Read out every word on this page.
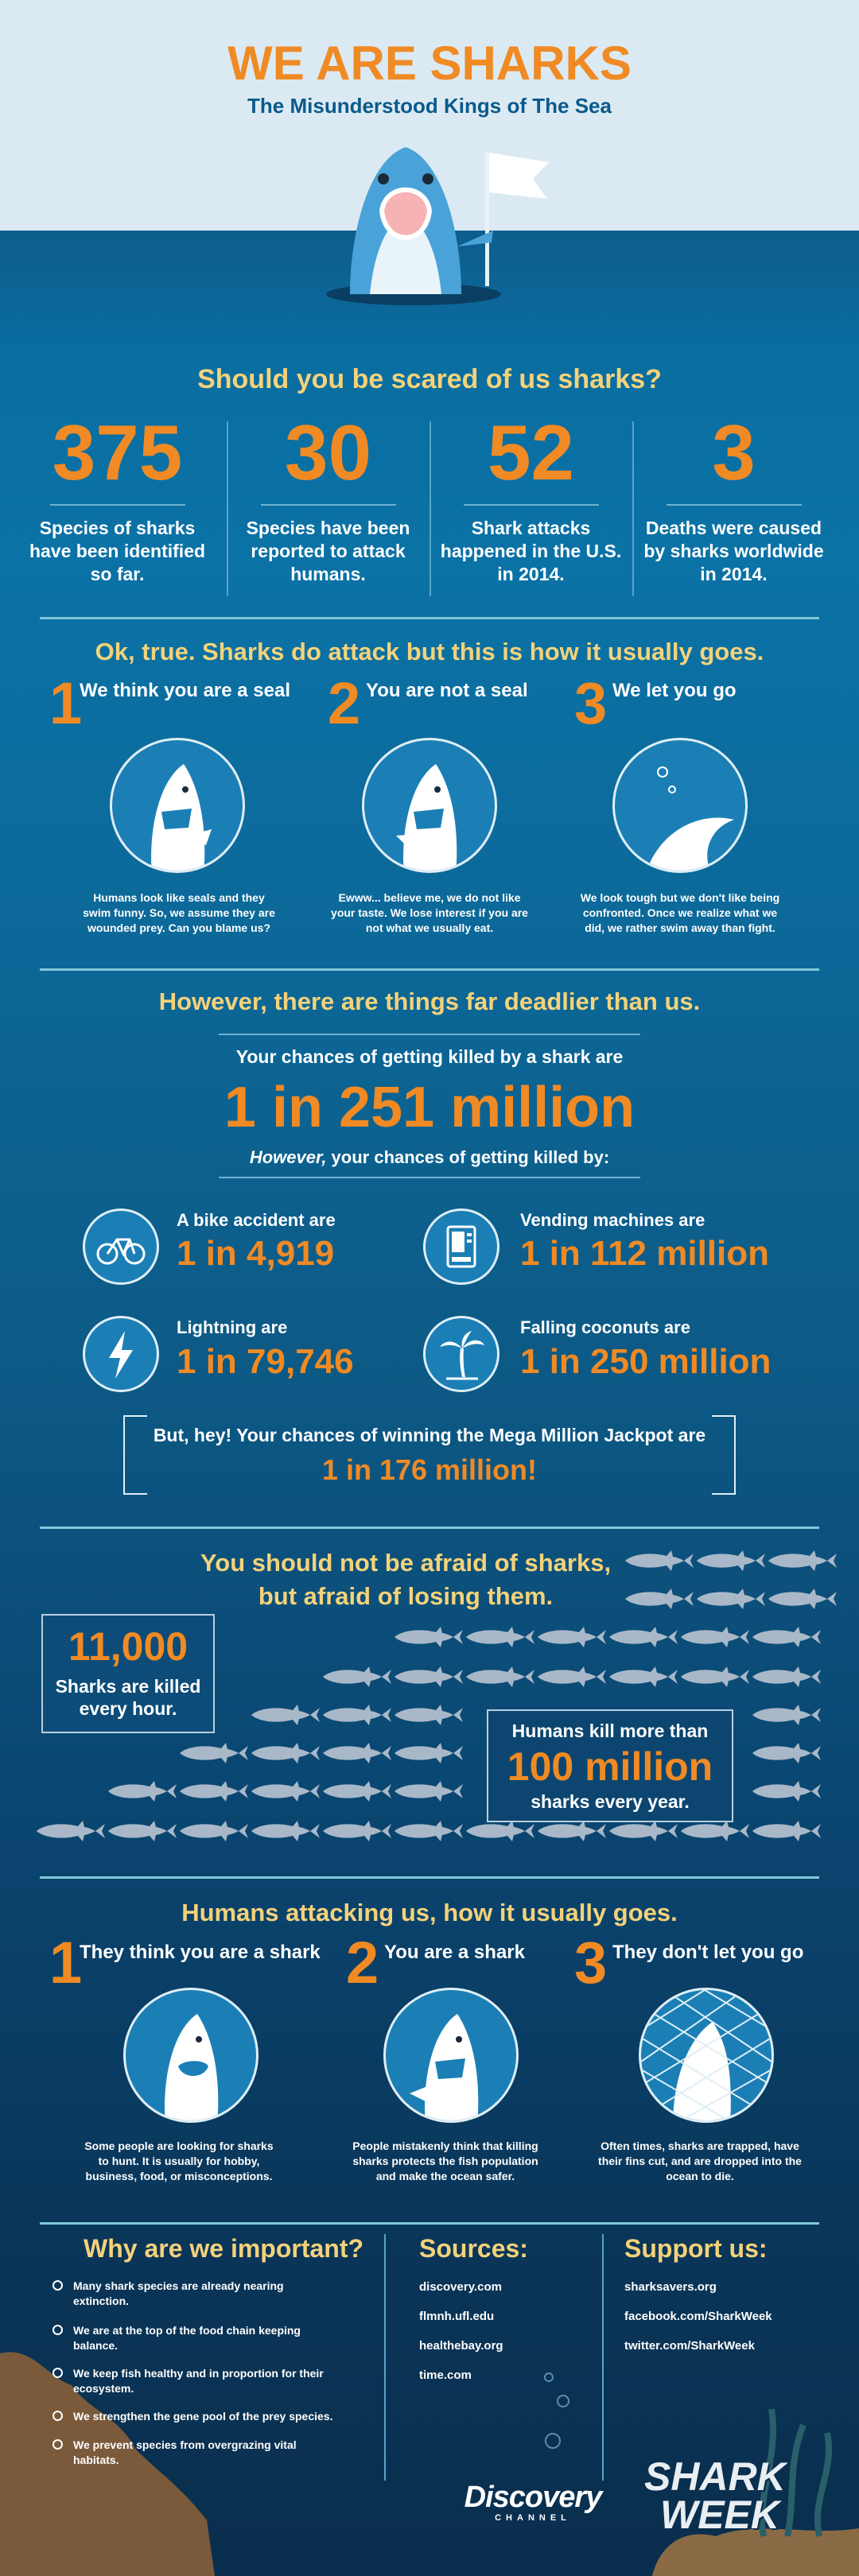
WE ARE SHARKS
The Misunderstood Kings of The Sea
Should you be scared of us sharks?
375
Species of sharks have been identified so far.
30
Species have been reported to attack humans.
52
Shark attacks happened in the U.S. in 2014.
3
Deaths were caused by sharks worldwide in 2014.
Ok, true. Sharks do attack but this is how it usually goes.
1
We think you are a seal
Humans look like seals and they swim funny. So, we assume they are wounded prey. Can you blame us?
2 You are not a seal
Ewww... believe me, we do not like your taste. We lose interest if you are not what we usually eat.
3 We let you go
We look tough but we don't like being confronted. Once we realize what we did, we rather swim away than fight.
However, there are things far deadlier than us.
Your chances of getting killed by a shark are
1 in 251 million
However, your chances of getting killed by:
A bike accident are
1 in 4,919
Vending machines are
1 in 112 million
Lightning are
1 in 79,746
Falling coconuts are
1 in 250 million
But, hey! Your chances of winning the Mega Million Jackpot are
1 in 176 million!
You should not be afraid of sharks,
but afraid of losing them.
11,000
Sharks are killed every hour.
Humans kill more than
100 million
sharks every year.
Humans attacking us, how it usually goes.
1
They think you are a shark
Some people are looking for sharks to hunt. It is usually for hobby, business, food, or misconceptions.
2 You are a shark
People mistakenly think that killing sharks protects the fish population and make the ocean safer.
3 They don't let you go
Often times, sharks are trapped, have their fins cut, and are dropped into the ocean to die.
Why are we important?
Many shark species are already nearing extinction.
We are at the top of the food chain keeping balance.
We keep fish healthy and in proportion for their ecosystem.
We strengthen the gene pool of the prey species.
We prevent species from overgrazing vital habitats.
Sources:
discovery.com
flmnh.ufl.edu
healthebay.org
time.com
Support us:
sharksavers.org
facebook.com/SharkWeek
twitter.com/SharkWeek
Discovery
CHANNEL
SHARK
WEEK
